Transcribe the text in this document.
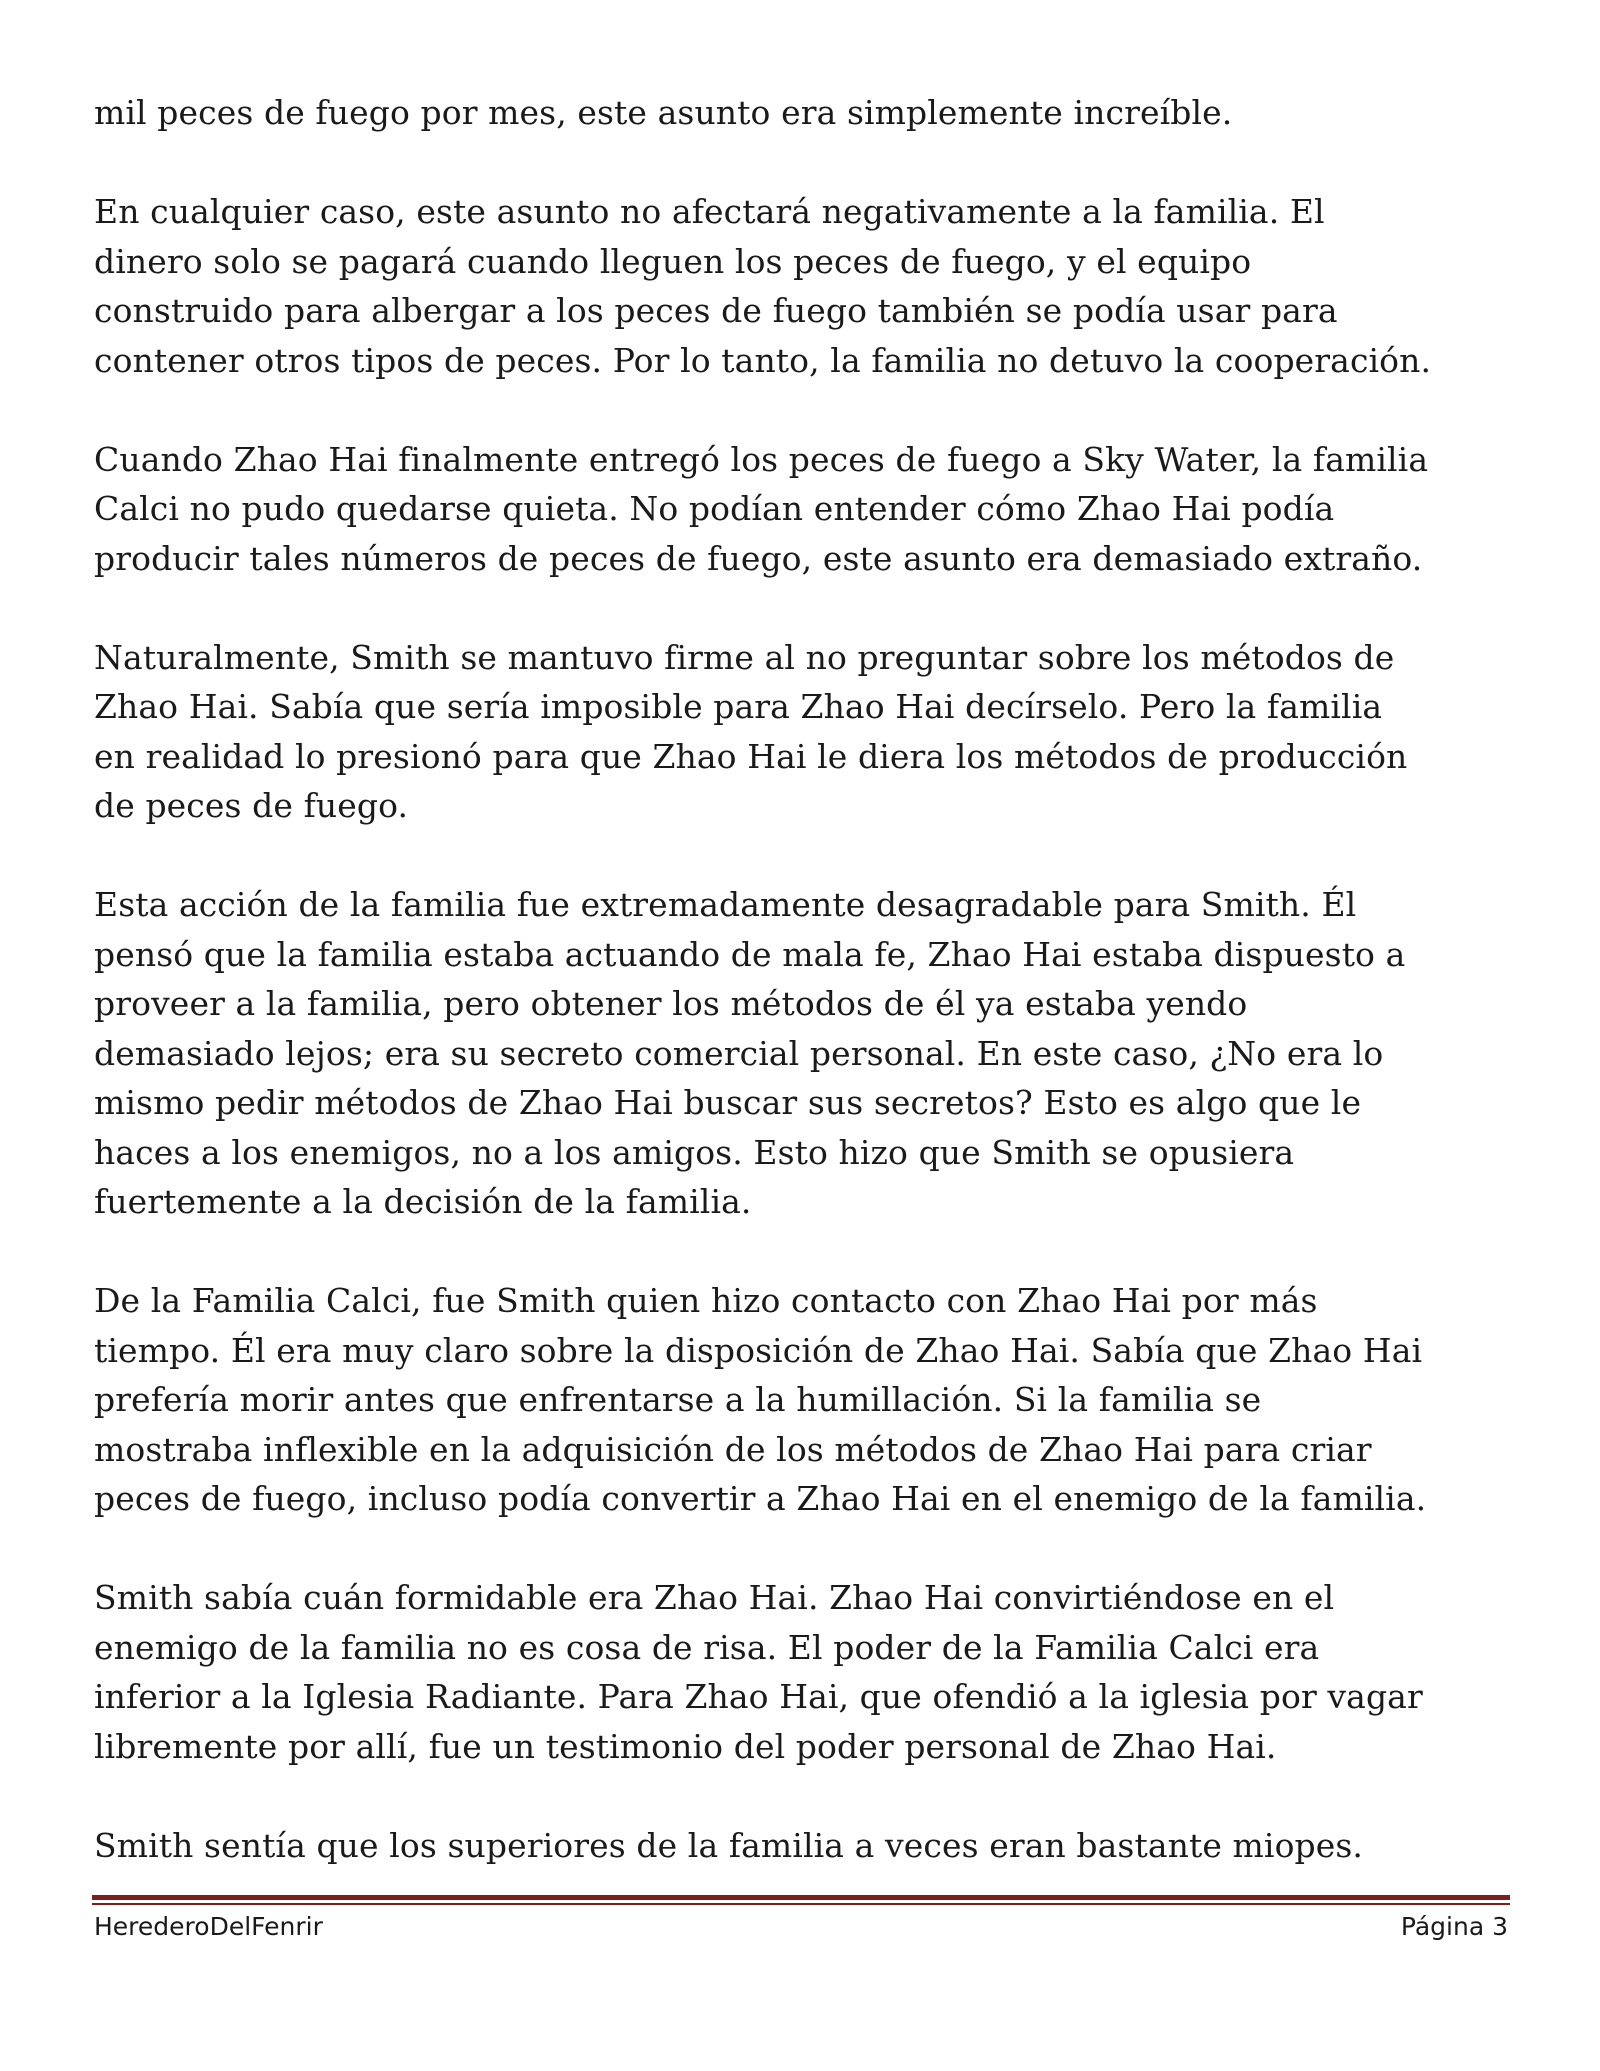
mil peces de fuego por mes, este asunto era simplemente increíble.

En cualquier caso, este asunto no afectará negativamente a la familia. El
dinero solo se pagará cuando lleguen los peces de fuego, y el equipo
construido para albergar a los peces de fuego también se podía usar para
contener otros tipos de peces. Por lo tanto, la familia no detuvo la cooperación.

Cuando Zhao Hai finalmente entregó los peces de fuego a Sky Water, la familia
Calci no pudo quedarse quieta. No podían entender cómo Zhao Hai podía
producir tales números de peces de fuego, este asunto era demasiado extraño.

Naturalmente, Smith se mantuvo firme al no preguntar sobre los métodos de
Zhao Hai. Sabía que sería imposible para Zhao Hai decírselo. Pero la familia
en realidad lo presionó para que Zhao Hai le diera los métodos de producción
de peces de fuego.

Esta acción de la familia fue extremadamente desagradable para Smith. Él
pensó que la familia estaba actuando de mala fe, Zhao Hai estaba dispuesto a
proveer a la familia, pero obtener los métodos de él ya estaba yendo
demasiado lejos; era su secreto comercial personal. En este caso, ¿No era lo
mismo pedir métodos de Zhao Hai buscar sus secretos? Esto es algo que le
haces a los enemigos, no a los amigos. Esto hizo que Smith se opusiera
fuertemente a la decisión de la familia.

De la Familia Calci, fue Smith quien hizo contacto con Zhao Hai por más
tiempo. Él era muy claro sobre la disposición de Zhao Hai. Sabía que Zhao Hai
prefería morir antes que enfrentarse a la humillación. Si la familia se
mostraba inflexible en la adquisición de los métodos de Zhao Hai para criar
peces de fuego, incluso podía convertir a Zhao Hai en el enemigo de la familia.

Smith sabía cuán formidable era Zhao Hai. Zhao Hai convirtiéndose en el
enemigo de la familia no es cosa de risa. El poder de la Familia Calci era
inferior a la Iglesia Radiante. Para Zhao Hai, que ofendió a la iglesia por vagar
libremente por allí, fue un testimonio del poder personal de Zhao Hai.

Smith sentía que los superiores de la familia a veces eran bastante miopes.

HerederoDelFenrir	Página 3
